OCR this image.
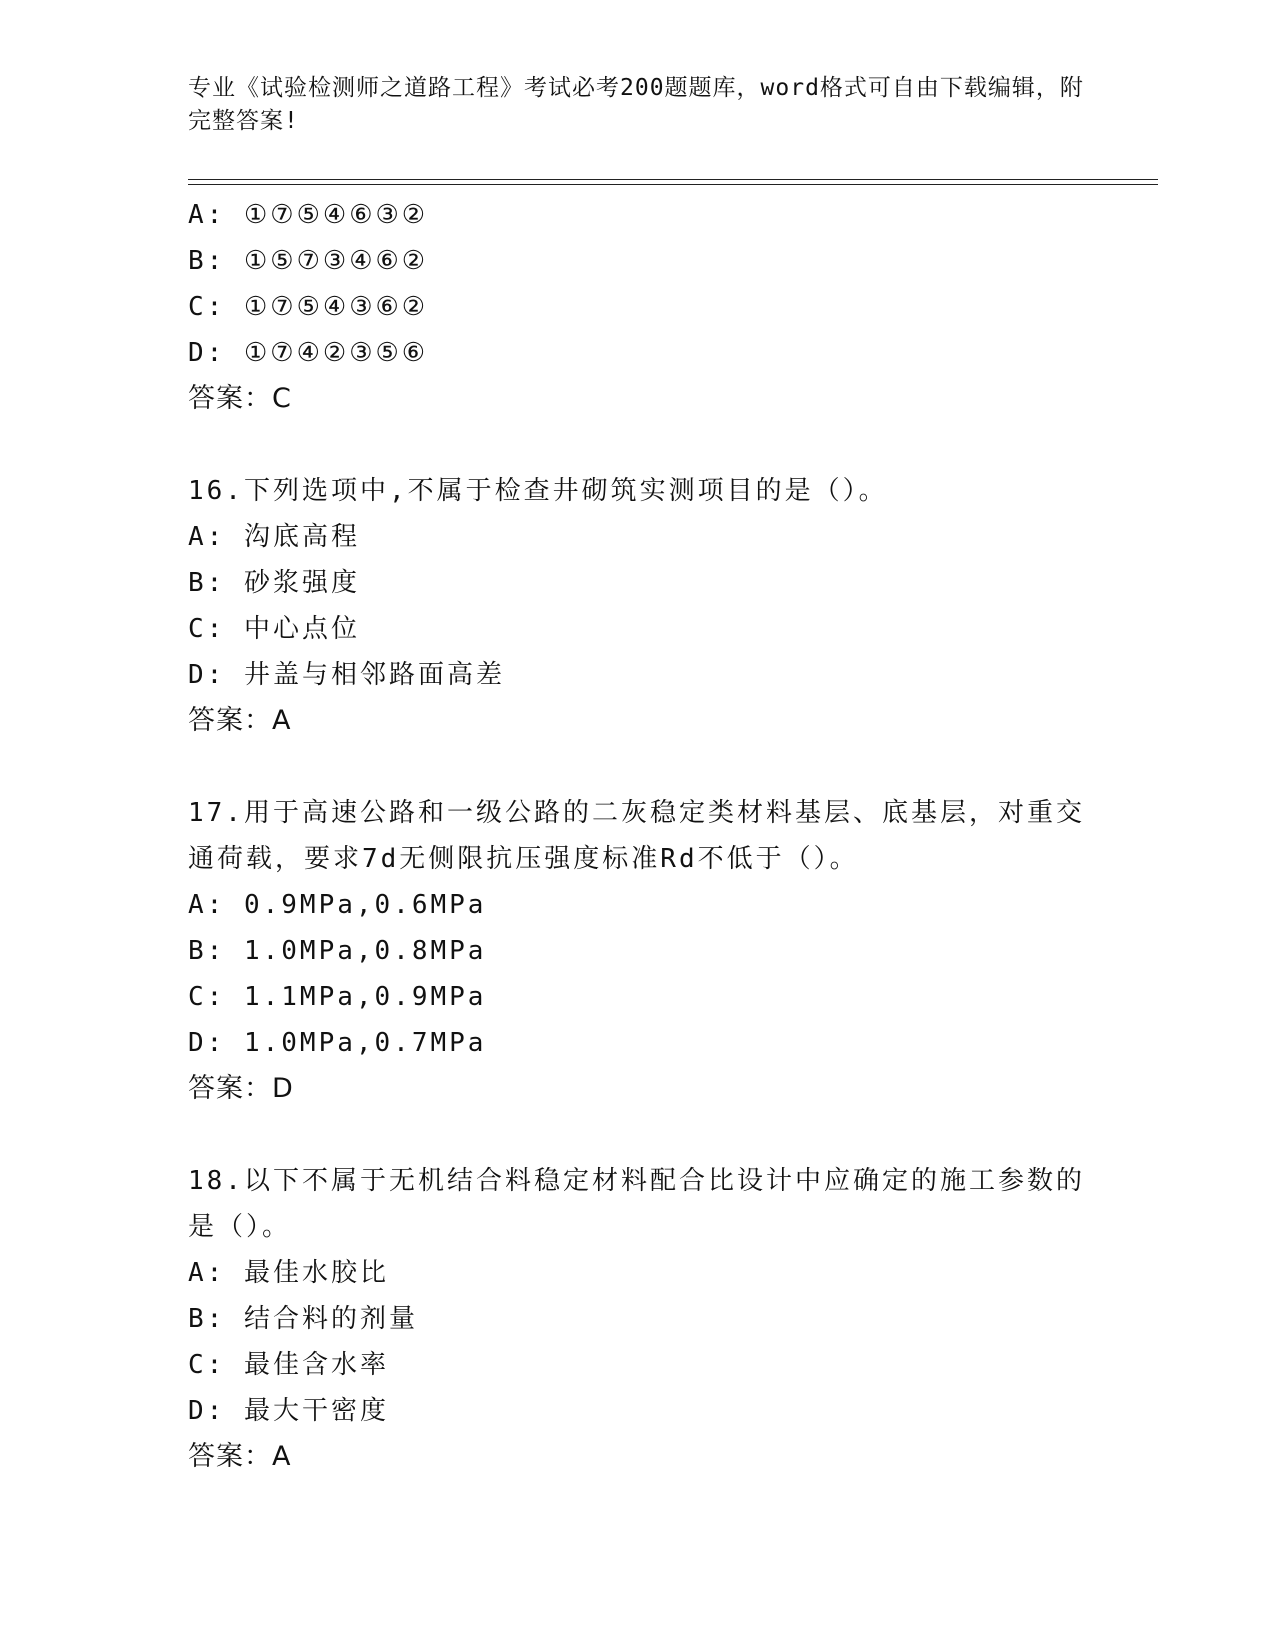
专业《试验检测师之道路工程》考试必考200题题库，word格式可自由下载编辑，附完整答案!
A: ①⑦⑤④⑥③②
B: ①⑤⑦③④⑥②
C: ①⑦⑤④③⑥②
D: ①⑦④②③⑤⑥
答案：C
16.下列选项中,不属于检查井砌筑实测项目的是（）。
A: 沟底高程
B: 砂浆强度
C: 中心点位
D: 井盖与相邻路面高差
答案：A
17.用于高速公路和一级公路的二灰稳定类材料基层、底基层，对重交通荷载，要求7d无侧限抗压强度标准Rd不低于（）。
A: 0.9MPa,0.6MPa
B: 1.0MPa,0.8MPa
C: 1.1MPa,0.9MPa
D: 1.0MPa,0.7MPa
答案：D
18.以下不属于无机结合料稳定材料配合比设计中应确定的施工参数的是（）。
A: 最佳水胶比
B: 结合料的剂量
C: 最佳含水率
D: 最大干密度
答案：A
